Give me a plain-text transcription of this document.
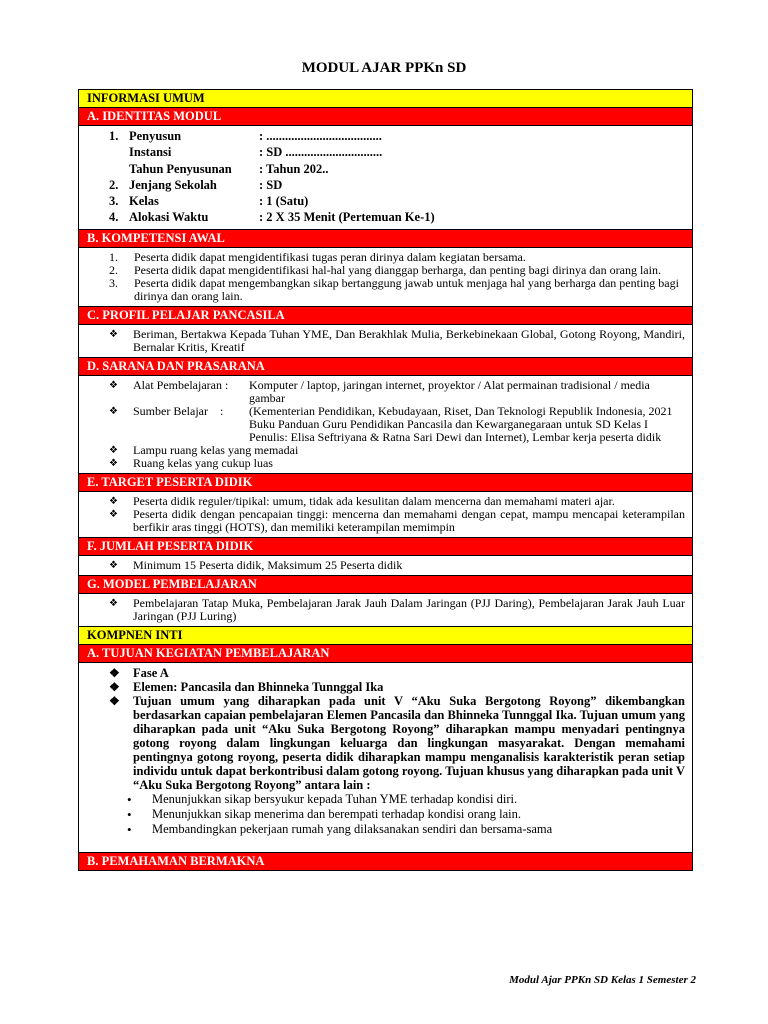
MODUL AJAR PPKn SD
INFORMASI UMUM
A. IDENTITAS MODUL
1. Penyusun	: .....................................
Instansi	: SD ...............................
Tahun Penyusunan	: Tahun 202..
2. Jenjang Sekolah	: SD
3. Kelas	: 1 (Satu)
4. Alokasi Waktu	: 2 X 35 Menit (Pertemuan Ke-1)
B. KOMPETENSI AWAL
1.	Peserta didik dapat mengidentifikasi tugas peran dirinya dalam kegiatan bersama.
2.	Peserta didik dapat mengidentifikasi hal-hal yang dianggap berharga, dan penting bagi dirinya dan orang lain.
3.	Peserta didik dapat mengembangkan sikap bertanggung jawab untuk menjaga hal yang berharga dan penting bagi dirinya dan orang lain.
C. PROFIL PELAJAR PANCASILA
❖	Beriman, Bertakwa Kepada Tuhan YME, Dan Berakhlak Mulia, Berkebinekaan Global, Gotong Royong, Mandiri, Bernalar Kritis, Kreatif
D. SARANA DAN PRASARANA
❖	Alat Pembelajaran :	Komputer / laptop, jaringan internet, proyektor / Alat permainan tradisional / media gambar
❖	Sumber Belajar    :	(Kementerian Pendidikan, Kebudayaan, Riset, Dan Teknologi Republik Indonesia, 2021 Buku Panduan Guru Pendidikan Pancasila dan Kewarganegaraan untuk SD Kelas I Penulis: Elisa Seftriyana & Ratna Sari Dewi dan Internet), Lembar kerja peserta didik
❖	Lampu ruang kelas yang memadai
❖	Ruang kelas yang cukup luas
E. TARGET PESERTA DIDIK
❖	Peserta didik reguler/tipikal: umum, tidak ada kesulitan dalam mencerna dan memahami materi ajar.
❖	Peserta didik dengan pencapaian tinggi: mencerna dan memahami dengan cepat, mampu mencapai keterampilan berfikir aras tinggi (HOTS), dan memiliki keterampilan memimpin
F. JUMLAH PESERTA DIDIK
❖	Minimum 15 Peserta didik, Maksimum 25 Peserta didik
G. MODEL PEMBELAJARAN
❖	Pembelajaran Tatap Muka, Pembelajaran Jarak Jauh Dalam Jaringan (PJJ Daring), Pembelajaran Jarak Jauh Luar Jaringan (PJJ Luring)
KOMPNEN INTI
A. TUJUAN KEGIATAN PEMBELAJARAN
❖	Fase A
❖	Elemen: Pancasila dan Bhinneka Tunnggal Ika
❖	Tujuan umum yang diharapkan pada unit V “Aku Suka Bergotong Royong” dikembangkan berdasarkan capaian pembelajaran Elemen Pancasila dan Bhinneka Tunnggal Ika. Tujuan umum yang diharapkan pada unit “Aku Suka Bergotong Royong” diharapkan mampu menyadari pentingnya gotong royong dalam lingkungan keluarga dan lingkungan masyarakat. Dengan memahami pentingnya gotong royong, peserta didik diharapkan mampu menganalisis karakteristik peran setiap individu untuk dapat berkontribusi dalam gotong royong. Tujuan khusus yang diharapkan pada unit V “Aku Suka Bergotong Royong” antara lain :
•	Menunjukkan sikap bersyukur kepada Tuhan YME terhadap kondisi diri.
•	Menunjukkan sikap menerima dan berempati terhadap kondisi orang lain.
•	Membandingkan pekerjaan rumah yang dilaksanakan sendiri dan bersama-sama
B. PEMAHAMAN BERMAKNA
Modul Ajar PPKn SD Kelas 1 Semester 2
